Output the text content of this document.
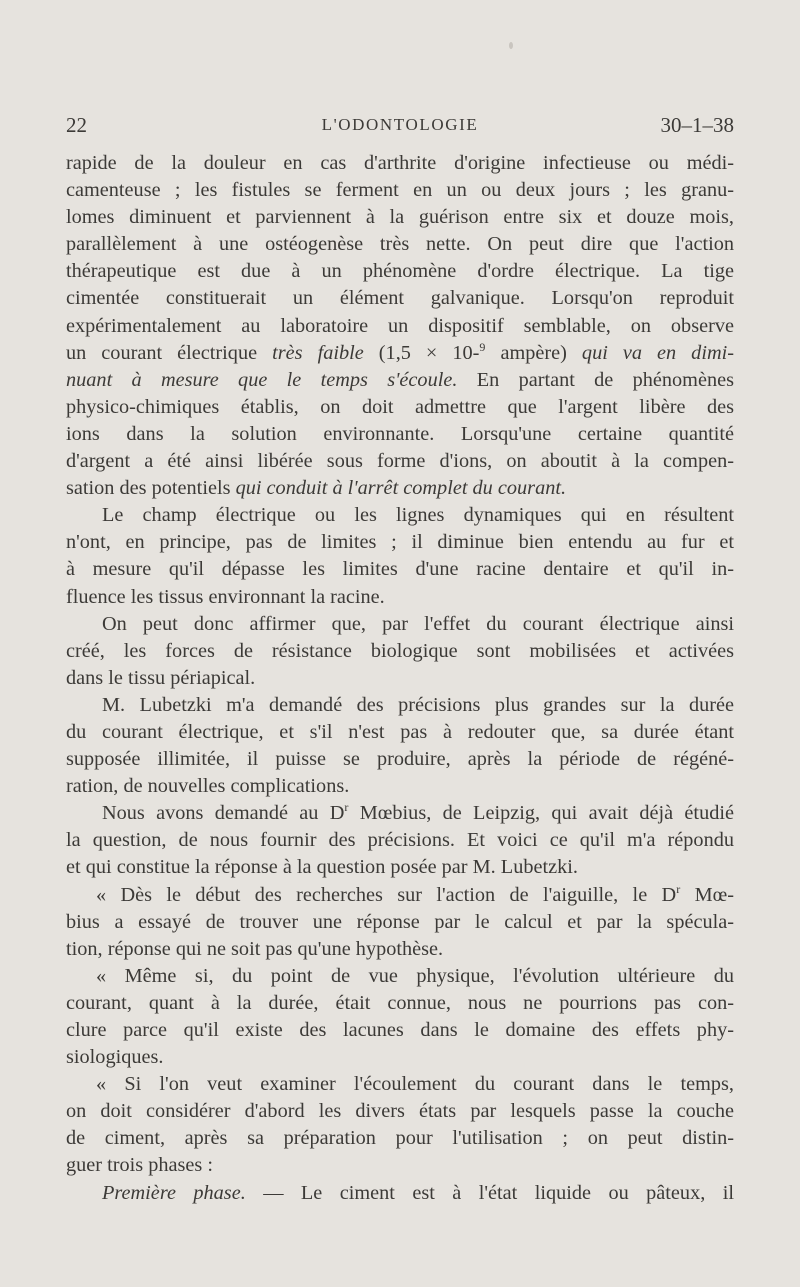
22	L'ODONTOLOGIE	30–1–38
rapide de la douleur en cas d'arthrite d'origine infectieuse ou médi-
camenteuse ; les fistules se ferment en un ou deux jours ; les granu-
lomes diminuent et parviennent à la guérison entre six et douze mois,
parallèlement à une ostéogenèse très nette. On peut dire que l'action
thérapeutique est due à un phénomène d'ordre électrique. La tige
cimentée constituerait un élément galvanique. Lorsqu'on reproduit
expérimentalement au laboratoire un dispositif semblable, on observe
un courant électrique très faible (1,5 × 10-$^9$ ampère) qui va en dimi-
nuant à mesure que le temps s'écoule. En partant de phénomènes
physico-chimiques établis, on doit admettre que l'argent libère des
ions dans la solution environnante. Lorsqu'une certaine quantité
d'argent a été ainsi libérée sous forme d'ions, on aboutit à la compen-
sation des potentiels qui conduit à l'arrêt complet du courant.
Le champ électrique ou les lignes dynamiques qui en résultent
n'ont, en principe, pas de limites ; il diminue bien entendu au fur et
à mesure qu'il dépasse les limites d'une racine dentaire et qu'il in-
fluence les tissus environnant la racine.
On peut donc affirmer que, par l'effet du courant électrique ainsi
créé, les forces de résistance biologique sont mobilisées et activées
dans le tissu périapical.
M. Lubetzki m'a demandé des précisions plus grandes sur la durée
du courant électrique, et s'il n'est pas à redouter que, sa durée étant
supposée illimitée, il puisse se produire, après la période de régéné-
ration, de nouvelles complications.
Nous avons demandé au $D^r$ Mœbius, de Leipzig, qui avait déjà étudié
la question, de nous fournir des précisions. Et voici ce qu'il m'a répondu
et qui constitue la réponse à la question posée par M. Lubetzki.
« Dès le début des recherches sur l'action de l'aiguille, le $D^r$ Mœ-
bius a essayé de trouver une réponse par le calcul et par la spécula-
tion, réponse qui ne soit pas qu'une hypothèse.
« Même si, du point de vue physique, l'évolution ultérieure du
courant, quant à la durée, était connue, nous ne pourrions pas con-
clure parce qu'il existe des lacunes dans le domaine des effets phy-
siologiques.
« Si l'on veut examiner l'écoulement du courant dans le temps,
on doit considérer d'abord les divers états par lesquels passe la couche
de ciment, après sa préparation pour l'utilisation ; on peut distin-
guer trois phases :
Première phase. — Le ciment est à l'état liquide ou pâteux, il
